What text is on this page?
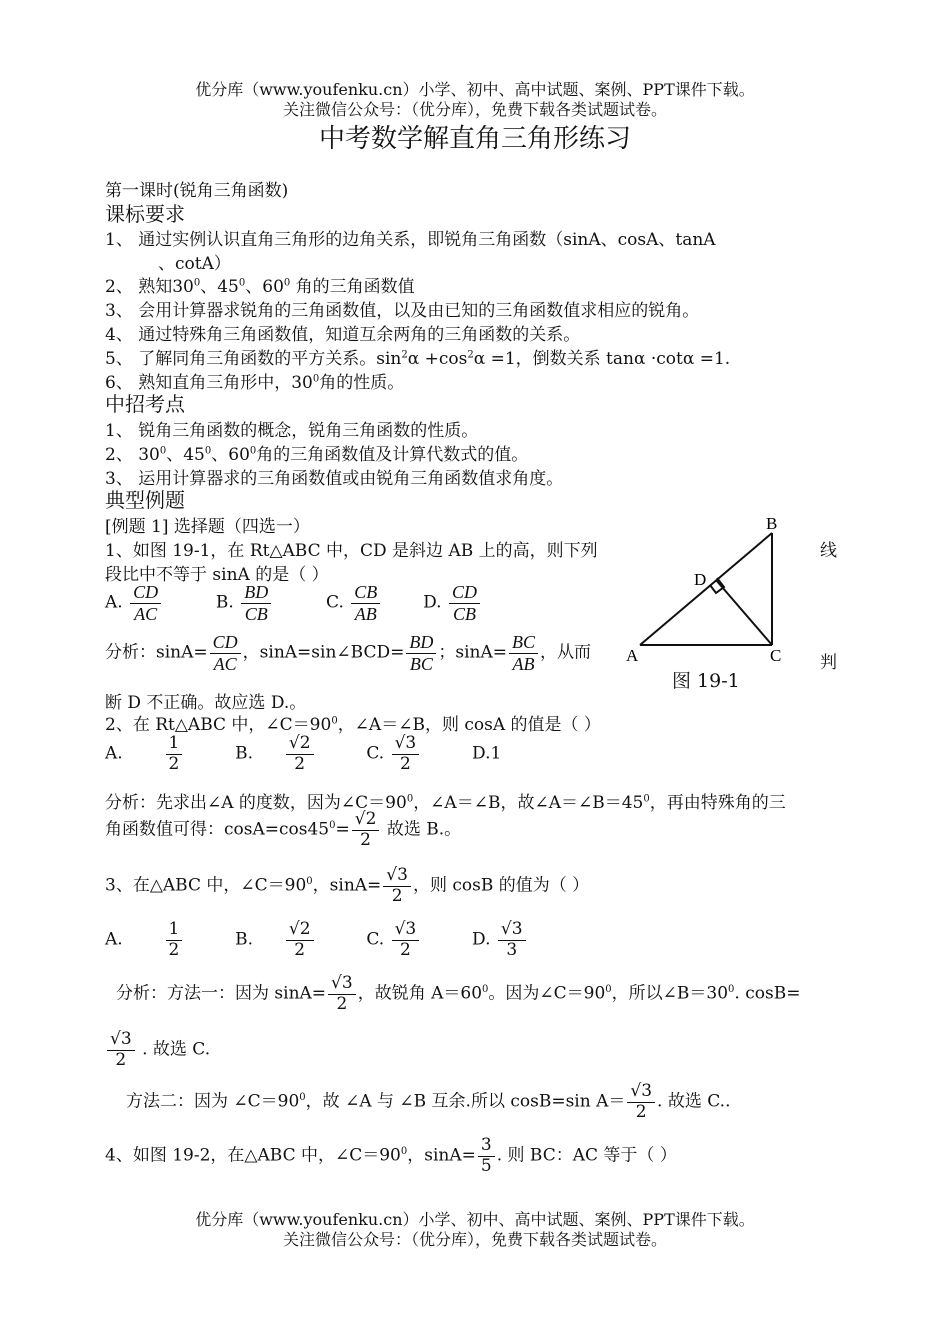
优分库（www.youfenku.cn）小学、初中、高中试题、案例、PPT课件下载。
关注微信公众号：（优分库），免费下载各类试题试卷。
中考数学解直角三角形练习
第一课时(锐角三角函数)
课标要求
1、 通过实例认识直角三角形的边角关系，即锐角三角函数（sinA、cosA、tanA
、cotA）
2、 熟知$30^0$、$45^0$、$60^0$ 角的三角函数值
3、 会用计算器求锐角的三角函数值，以及由已知的三角函数值求相应的锐角。
4、 通过特殊角三角函数值，知道互余两角的三角函数的关系。
5、 了解同角三角函数的平方关系。$\sin^2\alpha +\cos^2\alpha =1$，倒数关系 tanα ·cotα =1.
6、 熟知直角三角形中，$30^0$角的性质。
中招考点
1、 锐角三角函数的概念，锐角三角函数的性质。
2、 $30^0$、$45^0$、$60^0$角的三角函数值及计算代数式的值。
3、 运用计算器求的三角函数值或由锐角三角函数值求角度。
典型例题
[例题 1] 选择题（四选一）
1、如图 19-1，在 Rt△ABC 中，CD 是斜边 AB 上的高，则下列	线
段比中不等于 sinA 的是（ ）
A. $\frac{CD}{AC}$	B. $\frac{BD}{CB}$	C. $\frac{CB}{AB}$	D. $\frac{CD}{CB}$
分析：$\sin A= \frac{CD}{AC}$ ，sinA=sin∠BCD= $\frac{BD}{BC}$ ；$\sin A= \frac{BC}{AB}$ ，从而
判
断 D 不正确。故应选 D.。
B
D
A	C
图 19-1
2、在 Rt△ABC 中，$\angle C=90^0$，∠A＝∠B，则 cosA 的值是（ ）
A.	$\frac{1}{2}$	B. $\frac{√2}{2}$	C. $\frac{√3}{2}$	D.1
分析：先求出∠A 的度数，因为$\angle C=90^0$，∠A＝∠B，故$\angle A=\angle B=45^0$，再由特殊角的三
角函数值可得：$\cos A=\cos 45^0= \frac{√2}{2}$ 故选 B.。
3、在△ABC 中，$\angle C=90^0$，$\sin A= \frac{√3}{2}$ ，则 cosB 的值为（ ）
A.	$\frac{1}{2}$	B. $\frac{√2}{2}$	C. $\frac{√3}{2}$	D. $\frac{√3}{3}$
分析：方法一：因为 $\sin A= \frac{√3}{2}$ ，故锐角 $A=60^0$。因为$\angle C=90^0$，所以$\angle B=30^0$. cosB=
$\frac{√3}{2}$ . 故选 C.
方法二：因为 $\angle C=90^0$，故 ∠A 与 ∠B 互余.所以 cosB=sin $A= \frac{√3}{2}$ . 故选 C..
4、如图 19-2，在△ABC 中，$\angle C=90^0$，$\sin A= \frac{3}{5}$ . 则 BC：AC 等于（ ）
优分库（www.youfenku.cn）小学、初中、高中试题、案例、PPT课件下载。
关注微信公众号：（优分库），免费下载各类试题试卷。
